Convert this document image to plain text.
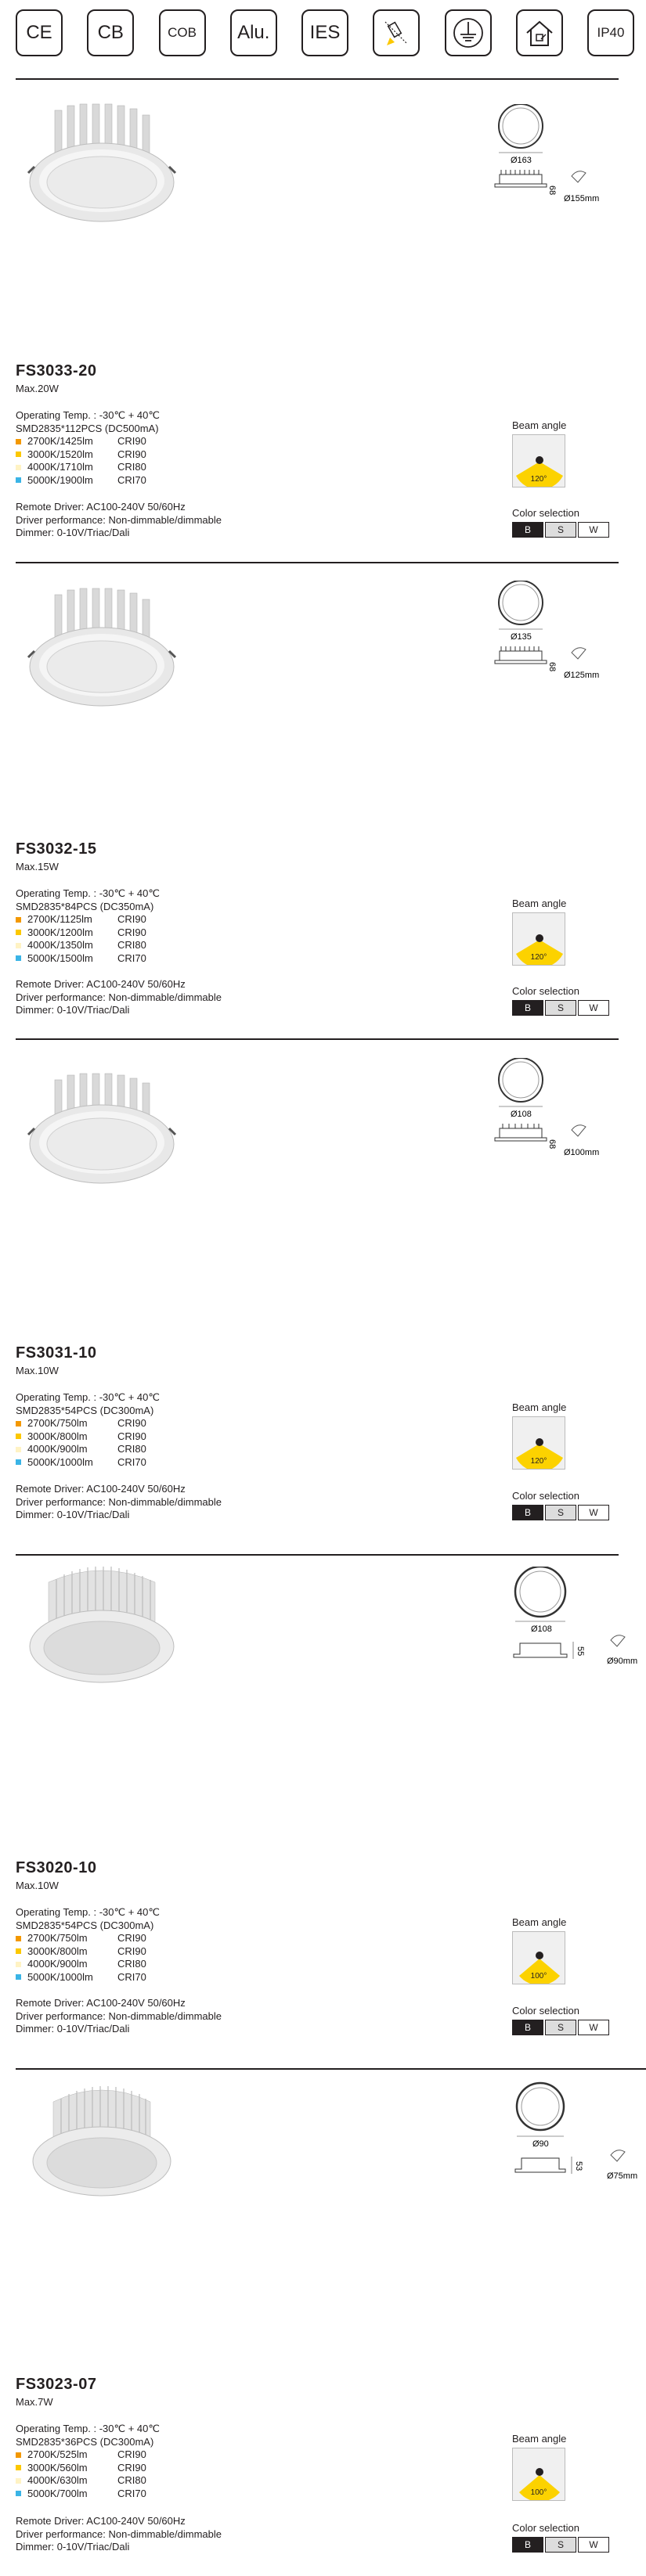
CE CB	COB Alu. IES	IP40
Ø163
68
Ø155mm
FS3033-20
Max.20W
Operating Temp. : -30℃ + 40℃
SMD2835*112PCS (DC500mA)
2700K/1425lm	CRI90
3000K/1520lm	CRI90
4000K/1710lm	CRI80
5000K/1900lm	CRI70
Remote Driver: AC100-240V 50/60Hz
Driver performance: Non-dimmable/dimmable
Dimmer: 0-10V/Triac/Dali
Beam angle
120°
Color selection
B	S	W
Ø135
68
Ø125mm
FS3032-15
Max.15W
Operating Temp. : -30℃ + 40℃
SMD2835*84PCS (DC350mA)
2700K/1125lm	CRI90
3000K/1200lm	CRI90
4000K/1350lm	CRI80
5000K/1500lm	CRI70
Remote Driver: AC100-240V 50/60Hz
Driver performance: Non-dimmable/dimmable
Dimmer: 0-10V/Triac/Dali
Beam angle
120°
Color selection
B	S	W
Ø108
68
Ø100mm
FS3031-10
Max.10W
Operating Temp. : -30℃ + 40℃
SMD2835*54PCS (DC300mA)
2700K/750lm	CRI90
3000K/800lm	CRI90
4000K/900lm	CRI80
5000K/1000lm	CRI70
Remote Driver: AC100-240V 50/60Hz
Driver performance: Non-dimmable/dimmable
Dimmer: 0-10V/Triac/Dali
Beam angle
120°
Color selection
B	S	W
Ø108
55
Ø90mm
FS3020-10
Max.10W
Operating Temp. : -30℃ + 40℃
SMD2835*54PCS (DC300mA)
2700K/750lm	CRI90
3000K/800lm	CRI90
4000K/900lm	CRI80
5000K/1000lm	CRI70
Remote Driver: AC100-240V 50/60Hz
Driver performance: Non-dimmable/dimmable
Dimmer: 0-10V/Triac/Dali
Beam angle
100°
Color selection
B	S	W
Ø90
53
Ø75mm
FS3023-07
Max.7W
Operating Temp. : -30℃ + 40℃
SMD2835*36PCS (DC300mA)
2700K/525lm	CRI90
3000K/560lm	CRI90
4000K/630lm	CRI80
5000K/700lm	CRI70
Remote Driver: AC100-240V 50/60Hz
Driver performance: Non-dimmable/dimmable
Dimmer: 0-10V/Triac/Dali
Beam angle
100°
Color selection
B	S	W
